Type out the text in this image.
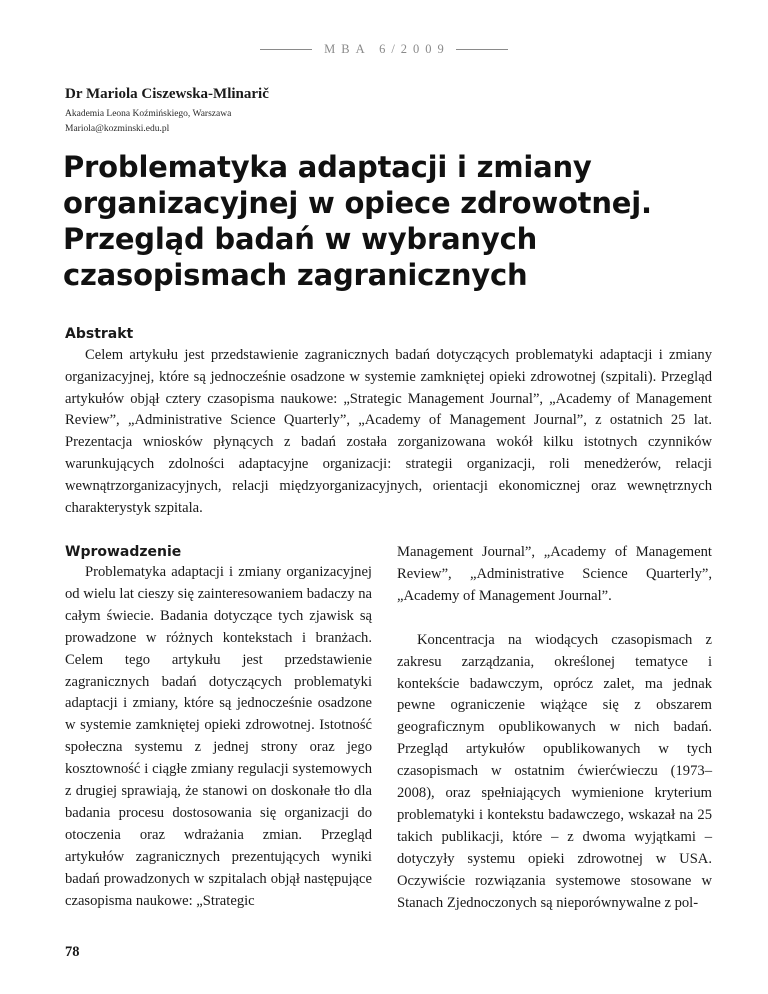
MBA 6/2009
Dr Mariola Ciszewska-Mlinarič
Akademia Leona Koźmińskiego, Warszawa
Mariola@kozminski.edu.pl
Problematyka adaptacji i zmiany organizacyjnej w opiece zdrowotnej. Przegląd badań w wybranych czasopismach zagranicznych
Abstrakt

Celem artykułu jest przedstawienie zagranicznych badań dotyczących problematyki adaptacji i zmiany organizacyjnej, które są jednocześnie osadzone w systemie zamkniętej opieki zdrowotnej (szpitali). Przegląd artykułów objął cztery czasopisma naukowe: „Strategic Management Journal”, „Academy of Management Review”, „Administrative Science Quarterly”, „Academy of Management Journal”, z ostatnich 25 lat. Prezentacja wniosków płynących z badań została zorganizowana wokół kilku istotnych czynników warunkujących zdolności adaptacyjne organizacji: strategii organizacji, roli menedżerów, relacji wewnątrzorganizacyjnych, relacji międzyorganizacyjnych, orientacji ekonomicznej oraz wewnętrznych charakterystyk szpitala.

Wprowadzenie

Problematyka adaptacji i zmiany organizacyjnej od wielu lat cieszy się zainteresowaniem badaczy na całym świecie. Badania dotyczące tych zjawisk są prowadzone w różnych kontekstach i branżach. Celem tego artykułu jest przedstawienie zagranicznych badań dotyczących problematyki adaptacji i zmiany, które są jednocześnie osadzone w systemie zamkniętej opieki zdrowotnej. Istotność społeczna systemu z jednej strony oraz jego kosztowność i ciągłe zmiany regulacji systemowych z drugiej sprawiają, że stanowi on doskonałe tło dla badania procesu dostosowania się organizacji do otoczenia oraz wdrażania zmian. Przegląd artykułów zagranicznych prezentujących wyniki badań prowadzonych w szpitalach objął następujące czasopisma naukowe: „Strategic

Management Journal”, „Academy of Management Review”, „Administrative Science Quarterly”, „Academy of Management Journal”.

Koncentracja na wiodących czasopismach z zakresu zarządzania, określonej tematyce i kontekście badawczym, oprócz zalet, ma jednak pewne ograniczenie wiążące się z obszarem geograficznym opublikowanych w nich badań. Przegląd artykułów opublikowanych w tych czasopismach w ostatnim ćwierćwieczu (1973–2008), oraz spełniających wymienione kryterium problematyki i kontekstu badawczego, wskazał na 25 takich publikacji, które – z dwoma wyjątkami – dotyczyły systemu opieki zdrowotnej w USA. Oczywiście rozwiązania systemowe stosowane w Stanach Zjednoczonych są nieporównywalne z pol-

78
